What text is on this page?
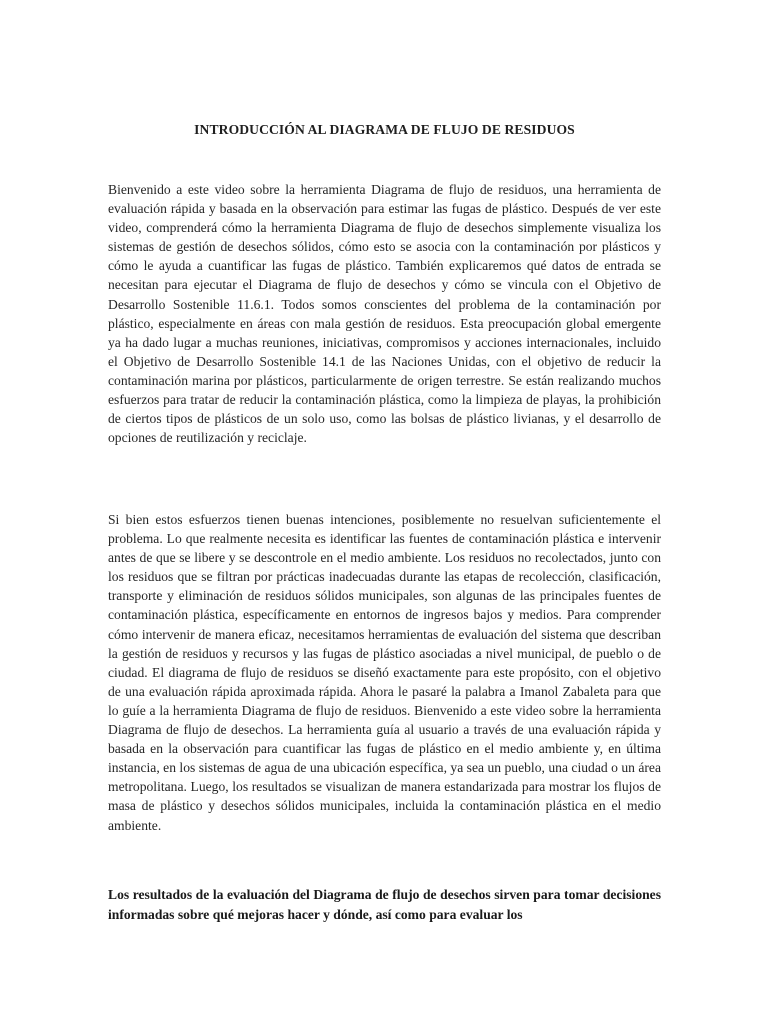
INTRODUCCIÓN AL DIAGRAMA DE FLUJO DE RESIDUOS

Bienvenido a este video sobre la herramienta Diagrama de flujo de residuos, una herramienta de evaluación rápida y basada en la observación para estimar las fugas de plástico. Después de ver este video, comprenderá cómo la herramienta Diagrama de flujo de desechos simplemente visualiza los sistemas de gestión de desechos sólidos, cómo esto se asocia con la contaminación por plásticos y cómo le ayuda a cuantificar las fugas de plástico. También explicaremos qué datos de entrada se necesitan para ejecutar el Diagrama de flujo de desechos y cómo se vincula con el Objetivo de Desarrollo Sostenible 11.6.1. Todos somos conscientes del problema de la contaminación por plástico, especialmente en áreas con mala gestión de residuos. Esta preocupación global emergente ya ha dado lugar a muchas reuniones, iniciativas, compromisos y acciones internacionales, incluido el Objetivo de Desarrollo Sostenible 14.1 de las Naciones Unidas, con el objetivo de reducir la contaminación marina por plásticos, particularmente de origen terrestre. Se están realizando muchos esfuerzos para tratar de reducir la contaminación plástica, como la limpieza de playas, la prohibición de ciertos tipos de plásticos de un solo uso, como las bolsas de plástico livianas, y el desarrollo de opciones de reutilización y reciclaje.

Si bien estos esfuerzos tienen buenas intenciones, posiblemente no resuelvan suficientemente el problema. Lo que realmente necesita es identificar las fuentes de contaminación plástica e intervenir antes de que se libere y se descontrole en el medio ambiente. Los residuos no recolectados, junto con los residuos que se filtran por prácticas inadecuadas durante las etapas de recolección, clasificación, transporte y eliminación de residuos sólidos municipales, son algunas de las principales fuentes de contaminación plástica, específicamente en entornos de ingresos bajos y medios. Para comprender cómo intervenir de manera eficaz, necesitamos herramientas de evaluación del sistema que describan la gestión de residuos y recursos y las fugas de plástico asociadas a nivel municipal, de pueblo o de ciudad. El diagrama de flujo de residuos se diseñó exactamente para este propósito, con el objetivo de una evaluación rápida aproximada rápida. Ahora le pasaré la palabra a Imanol Zabaleta para que lo guíe a la herramienta Diagrama de flujo de residuos. Bienvenido a este video sobre la herramienta Diagrama de flujo de desechos. La herramienta guía al usuario a través de una evaluación rápida y basada en la observación para cuantificar las fugas de plástico en el medio ambiente y, en última instancia, en los sistemas de agua de una ubicación específica, ya sea un pueblo, una ciudad o un área metropolitana. Luego, los resultados se visualizan de manera estandarizada para mostrar los flujos de masa de plástico y desechos sólidos municipales, incluida la contaminación plástica en el medio ambiente.

Los resultados de la evaluación del Diagrama de flujo de desechos sirven para tomar decisiones informadas sobre qué mejoras hacer y dónde, así como para evaluar los
